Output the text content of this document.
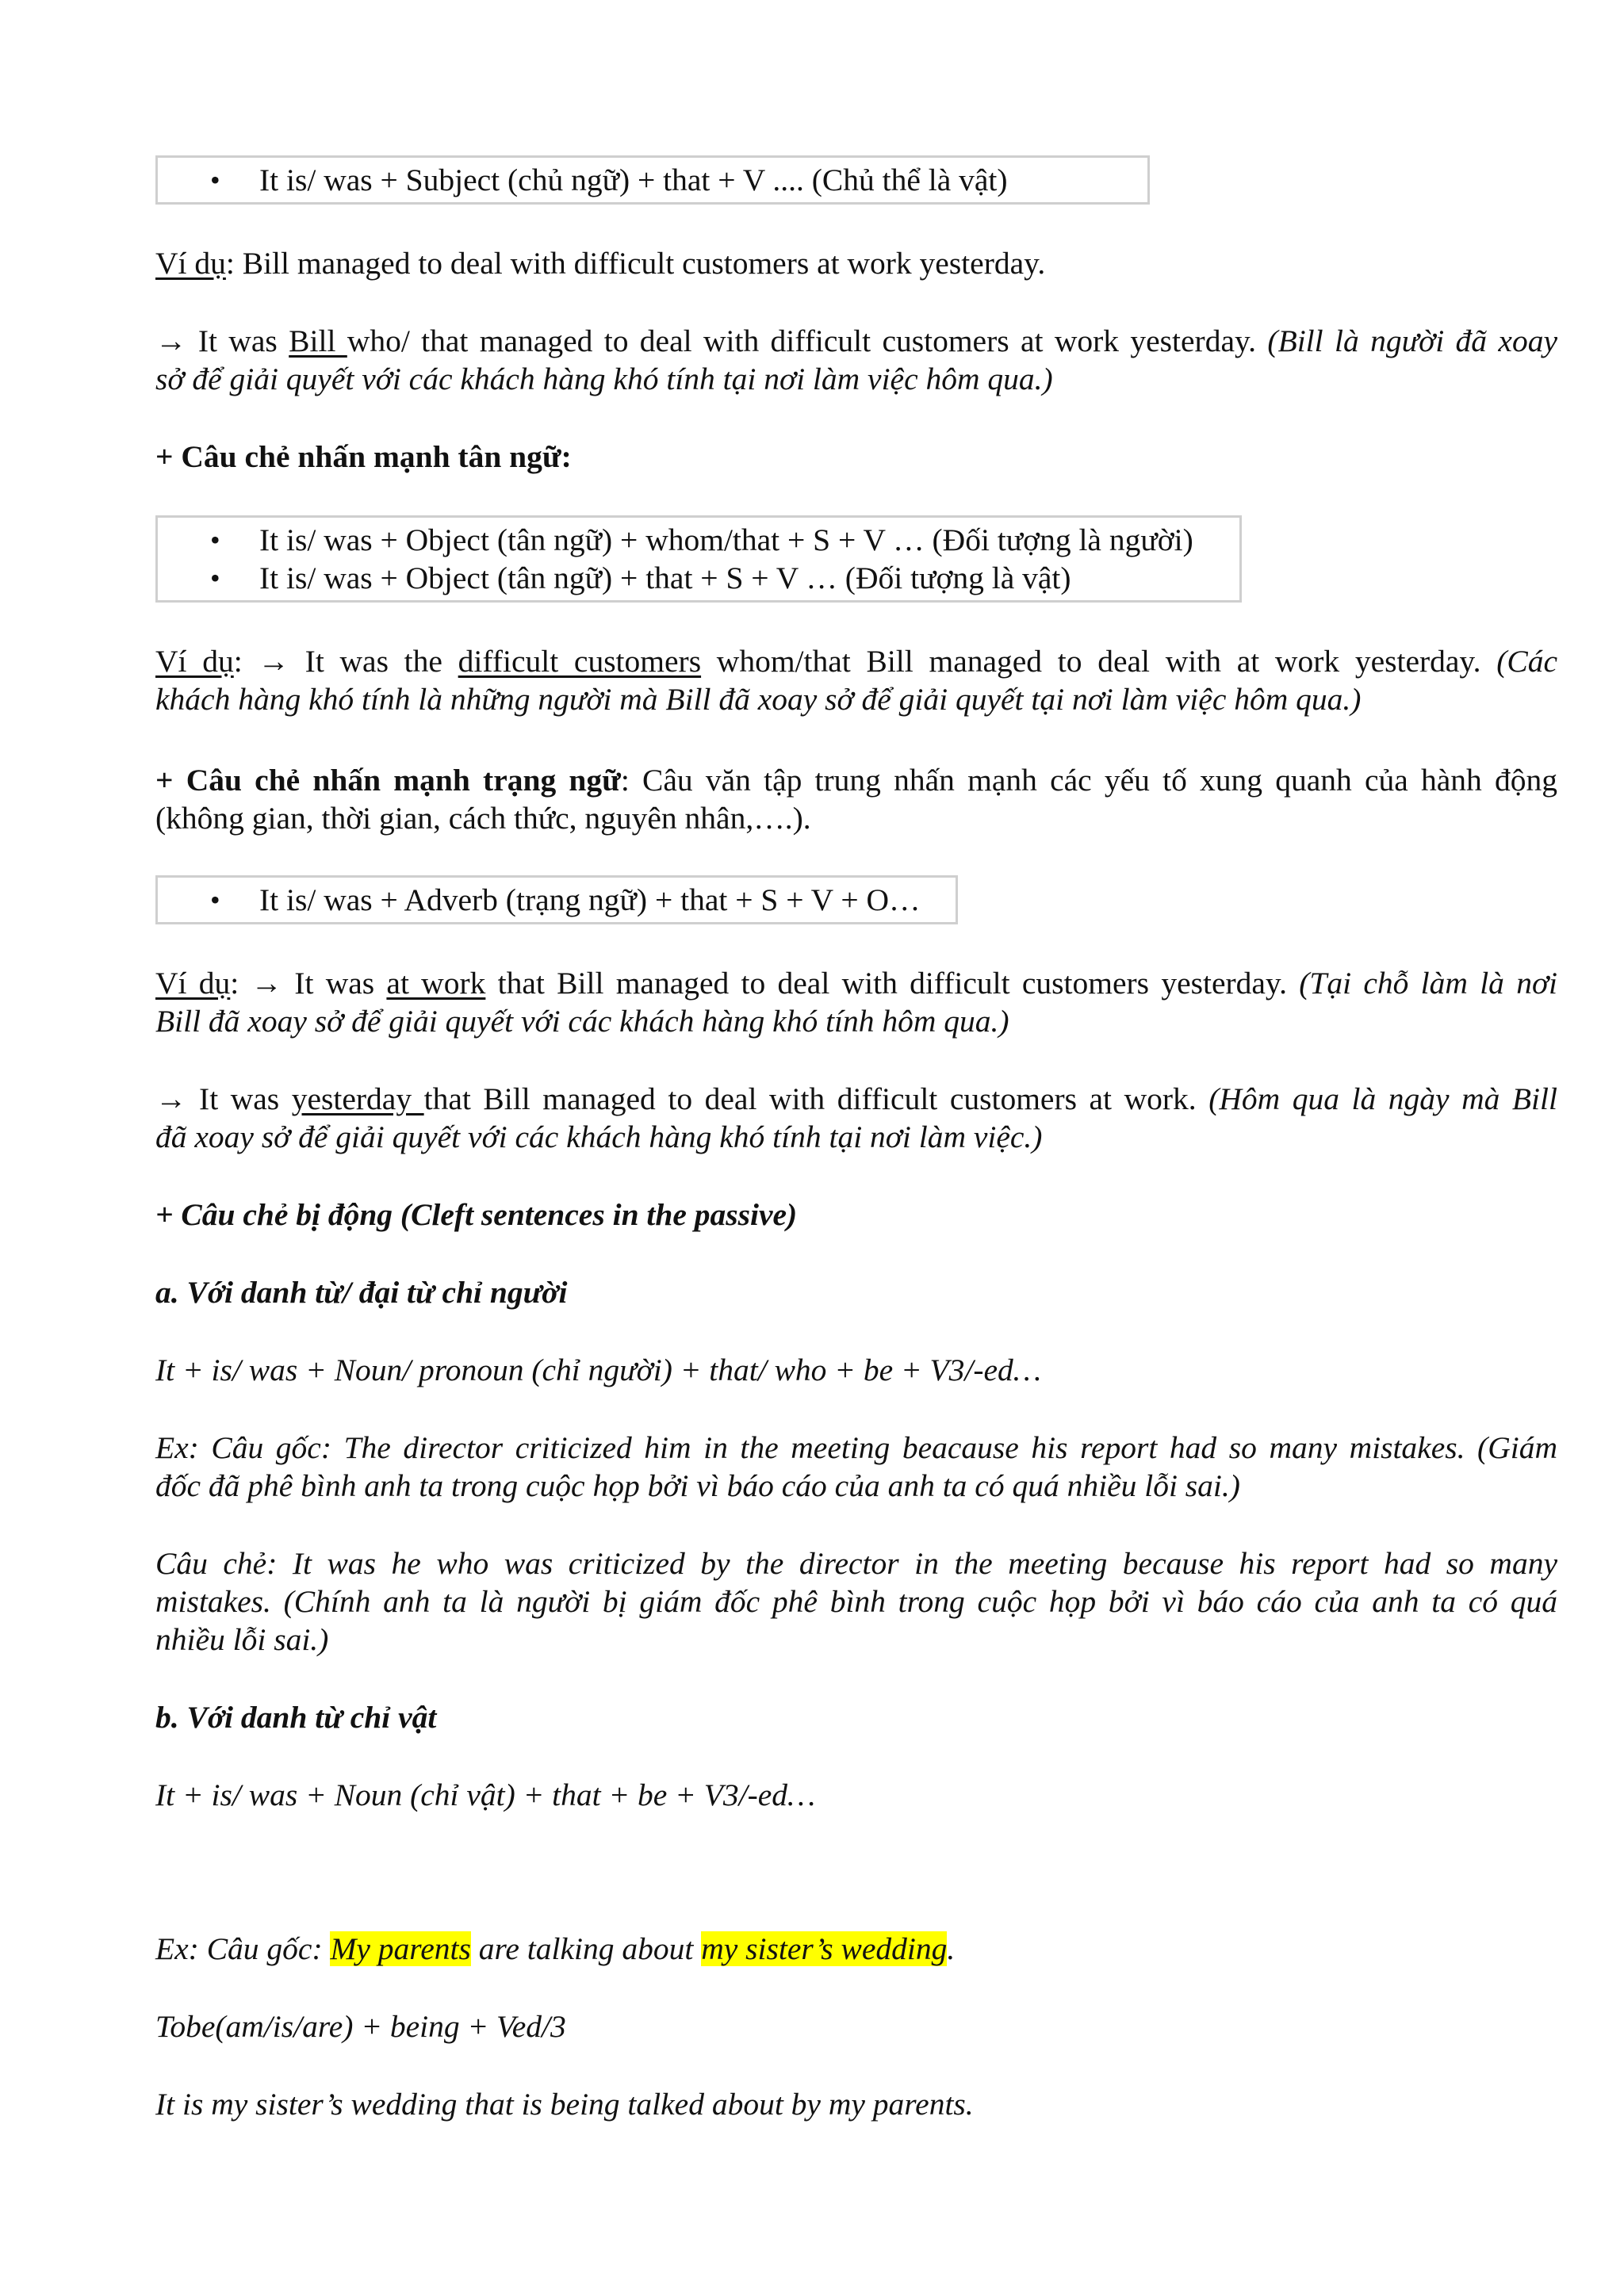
• It is/ was + Subject (chủ ngữ) + that + V .... (Chủ thể là vật)
Ví dụ: Bill managed to deal with difficult customers at work yesterday.
→ It was Bill who/ that managed to deal with difficult customers at work yesterday. (Bill là người đã xoay
sở để giải quyết với các khách hàng khó tính tại nơi làm việc hôm qua.)
+ Câu chẻ nhấn mạnh tân ngữ:
• It is/ was + Object (tân ngữ) + whom/that + S + V … (Đối tượng là người)
• It is/ was + Object (tân ngữ) + that + S + V … (Đối tượng là vật)
Ví dụ: → It was the difficult customers whom/that Bill managed to deal with at work yesterday. (Các
khách hàng khó tính là những người mà Bill đã xoay sở để giải quyết tại nơi làm việc hôm qua.)
+ Câu chẻ nhấn mạnh trạng ngữ: Câu văn tập trung nhấn mạnh các yếu tố xung quanh của hành động
(không gian, thời gian, cách thức, nguyên nhân,….).
• It is/ was + Adverb (trạng ngữ) + that + S + V + O…
Ví dụ: → It was at work that Bill managed to deal with difficult customers yesterday. (Tại chỗ làm là nơi
Bill đã xoay sở để giải quyết với các khách hàng khó tính hôm qua.)
→ It was yesterday that Bill managed to deal with difficult customers at work. (Hôm qua là ngày mà Bill
đã xoay sở để giải quyết với các khách hàng khó tính tại nơi làm việc.)
+ Câu chẻ bị động (Cleft sentences in the passive)
a. Với danh từ/ đại từ chỉ người
It + is/ was + Noun/ pronoun (chỉ người) + that/ who + be + V3/-ed…
Ex: Câu gốc: The director criticized him in the meeting beacause his report had so many mistakes. (Giám
đốc đã phê bình anh ta trong cuộc họp bởi vì báo cáo của anh ta có quá nhiều lỗi sai.)
Câu chẻ: It was he who was criticized by the director in the meeting because his report had so many
mistakes. (Chính anh ta là người bị giám đốc phê bình trong cuộc họp bởi vì báo cáo của anh ta có quá
nhiều lỗi sai.)
b. Với danh từ chỉ vật
It + is/ was + Noun (chỉ vật) + that + be + V3/-ed…
Ex: Câu gốc: My parents are talking about my sister’s wedding.
Tobe(am/is/are) + being + Ved/3
It is my sister’s wedding that is being talked about by my parents.
